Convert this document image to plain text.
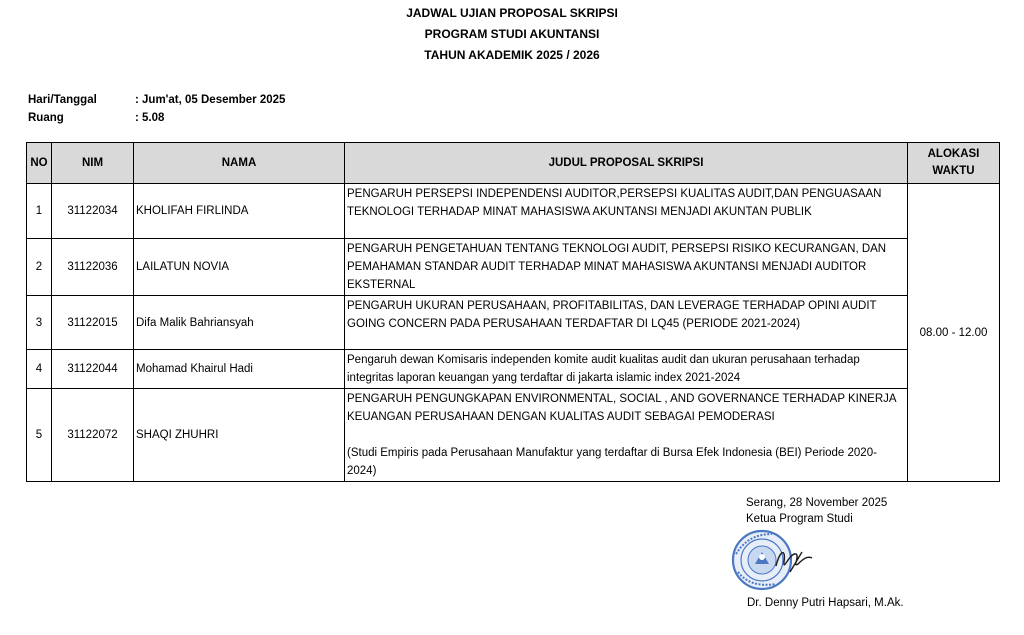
JADWAL UJIAN PROPOSAL SKRIPSI
PROGRAM STUDI AKUNTANSI
TAHUN AKADEMIK 2025 / 2026
Hari/Tanggal	: Jum'at, 05 Desember 2025
Ruang	: 5.08
NO	NIM	NAMA	JUDUL PROPOSAL SKRIPSI	ALOKASI WAKTU
1	31122034	KHOLIFAH FIRLINDA	PENGARUH PERSEPSI INDEPENDENSI AUDITOR,PERSEPSI KUALITAS AUDIT,DAN PENGUASAAN TEKNOLOGI TERHADAP MINAT MAHASISWA AKUNTANSI MENJADI AKUNTAN PUBLIK	08.00 - 12.00
2	31122036	LAILATUN NOVIA	PENGARUH PENGETAHUAN TENTANG TEKNOLOGI AUDIT, PERSEPSI RISIKO KECURANGAN, DAN PEMAHAMAN STANDAR AUDIT TERHADAP MINAT MAHASISWA AKUNTANSI MENJADI AUDITOR EKSTERNAL	

3	31122015	Difa Malik Bahriansyah	PENGARUH UKURAN PERUSAHAAN, PROFITABILITAS, DAN LEVERAGE TERHADAP OPINI AUDIT GOING CONCERN PADA PERUSAHAAN TERDAFTAR DI LQ45 (PERIODE 2021-2024)	

4	31122044	Mohamad Khairul Hadi	Pengaruh dewan Komisaris independen komite audit kualitas audit dan ukuran perusahaan terhadap integritas laporan keuangan yang terdaftar di jakarta islamic index 2021-2024	

5	31122072	SHAQI ZHUHRI	PENGARUH PENGUNGKAPAN ENVIRONMENTAL, SOCIAL , AND GOVERNANCE TERHADAP KINERJA KEUANGAN PERUSAHAAN DENGAN KUALITAS AUDIT SEBAGAI PEMODERASI

(Studi Empiris pada Perusahaan Manufaktur yang terdaftar di Bursa Efek Indonesia (BEI) Periode 2020-2024)	
Serang, 28 November 2025
Ketua Program Studi
Dr. Denny Putri Hapsari, M.Ak.
